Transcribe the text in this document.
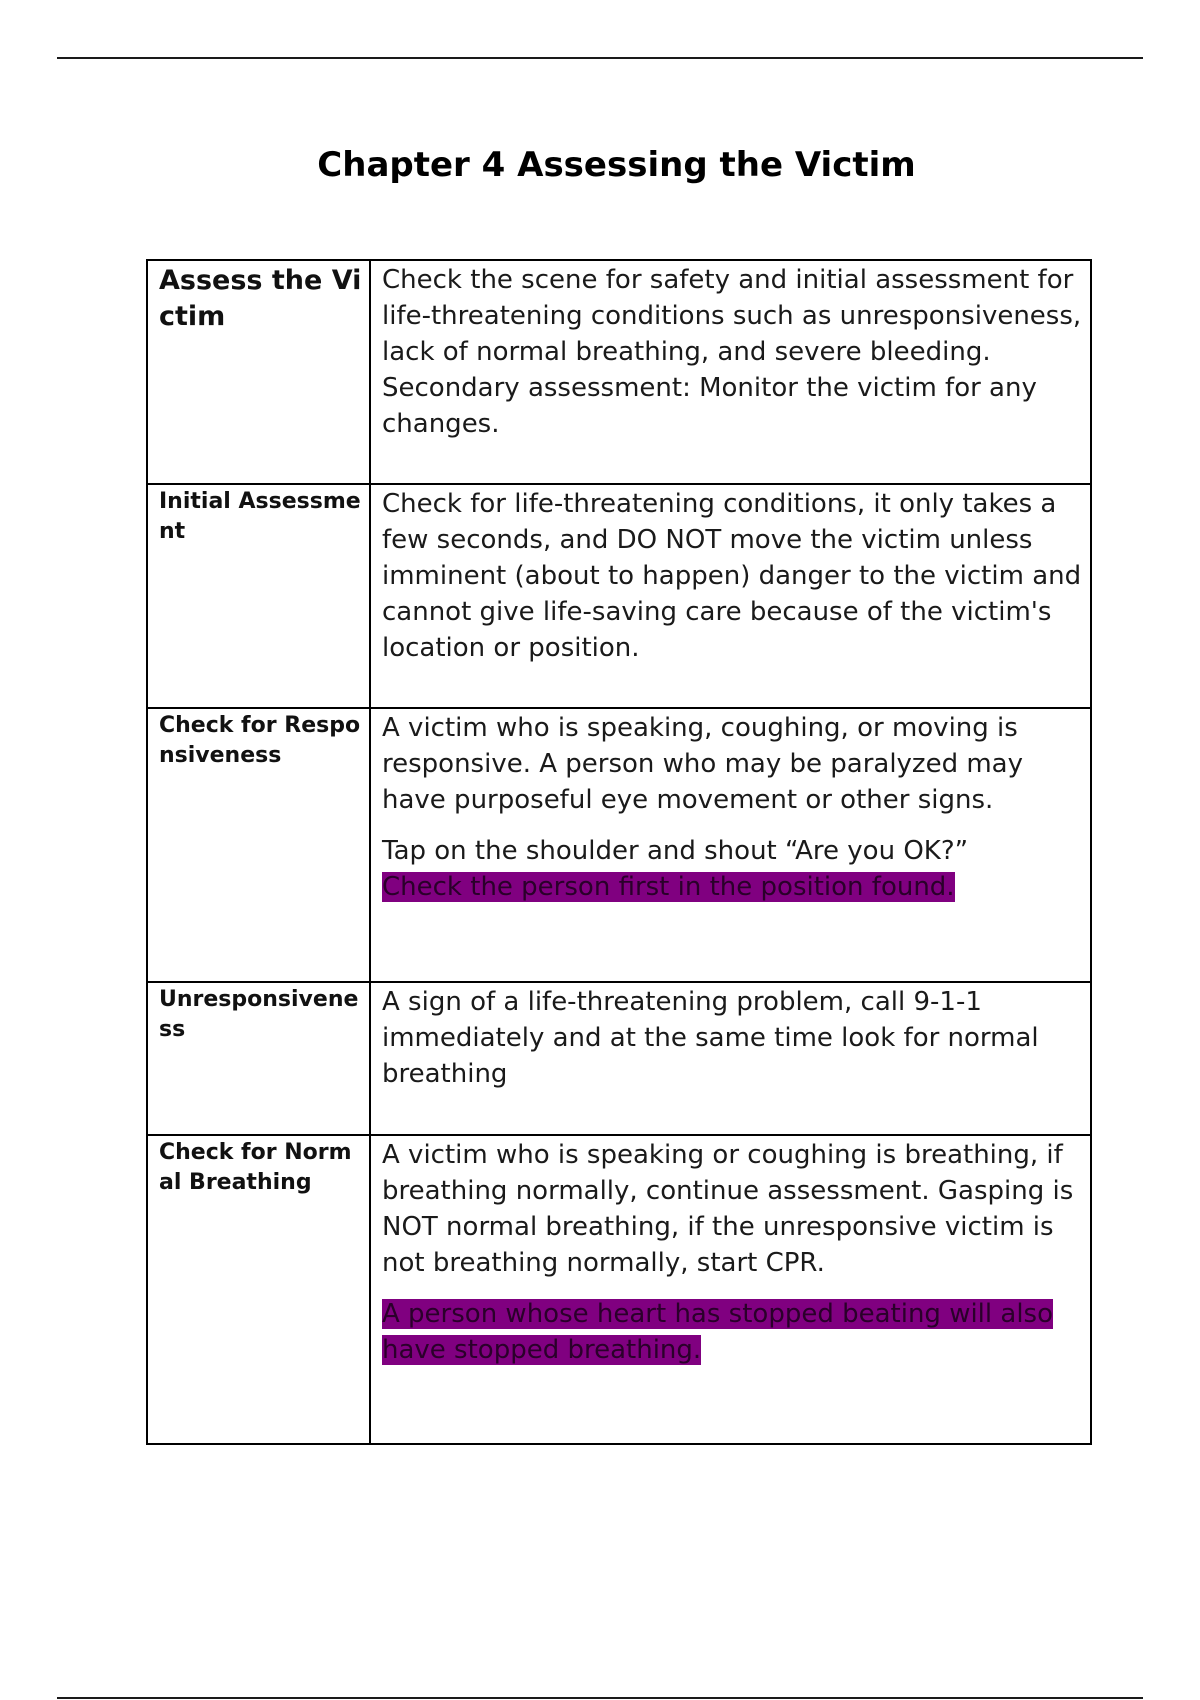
Chapter 4 Assessing the Victim
Assess the Victim	Check the scene for safety and initial assessment for life-threatening conditions such as unresponsiveness, lack of normal breathing, and severe bleeding. Secondary assessment: Monitor the victim for any changes.

Initial Assessment	Check for life-threatening conditions, it only takes a few seconds, and DO NOT move the victim unless imminent (about to happen) danger to the victim and cannot give life-saving care because of the victim's location or position.

Check for Responsiveness	A victim who is speaking, coughing, or moving is responsive. A person who may be paralyzed may have purposeful eye movement or other signs.

Tap on the shoulder and shout “Are you OK?”
Check the person first in the position found.

Unresponsiveness	A sign of a life-threatening problem, call 9-1-1 immediately and at the same time look for normal breathing

Check for Normal Breathing	A victim who is speaking or coughing is breathing, if breathing normally, continue assessment. Gasping is NOT normal breathing, if the unresponsive victim is not breathing normally, start CPR.

A person whose heart has stopped beating will also have stopped breathing.
